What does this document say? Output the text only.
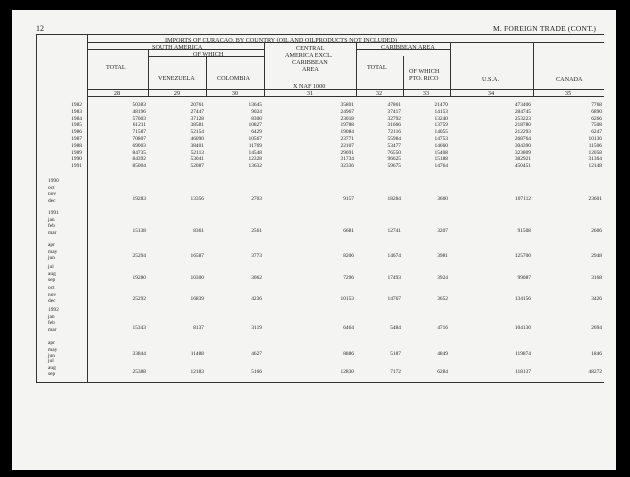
12	M. FOREIGN TRADE (CONT.)
IMPORTS OF CURACAO, BY COUNTRY (OIL AND OILPRODUCTS NOT INCLUDED)
SOUTH AMERICA
OF WHICH
TOTAL
VENEZUELA	COLOMBIA
CENTRAL
AMERICA EXCL.
CARIBBEAN
AREA
CARIBBEAN AREA
TOTAL
OF WHICH
PTO. RICO	U.S.A.	CANADA
X NAF 1000
28	29	30	31	32	33	34	35
1982	50383	20761	13645	35801	47861	21470	473406	7768
1983	48196	27447	9024	24967	37417	14153	284745	6890
1984	57003	37128	8300	23018	32792	13240	253223	6266
1985	61211	38581	10827	19788	31666	13759	218780	7508
1986	71587	52154	6429	19084	72116	14055	212293	6247
1987	70807	46090	10567	23771	55984	14753	268764	10136
1988	69003	38401	11769	22107	53477	14660	304390	11506
1989	84735	52113	14548	29691	76550	15408	323809	12058
1990	84392	53041	12328	31734	96625	15188	382921	31364
1991	85004	52087	13632	32336	59675	14764	450451	12148
1990
oct
nov
dec	19283	13356	2703	9157	18284	3600	107112	23601
1991
jan
feb
mar	15138	8361	2561	6681	12741	3207	91508	2606
apr
may
jun	25294	16587	3773	8206	14674	3981	125700	2948
jul
aug
sep	19280	10300	3062	7296	17493	3924	99087	3168
oct
nov
dec	25292	16839	4236	10153	14767	3652	134156	3426
1992
jan
feb
mar	15343	8137	3119	6464	5484	4716	104130	2694
apr
may
jun	33844	11488	4627	8886	5187	4849	119874	1846
jul
aug
sep	25388	12183	5166	12830	7172	6284	118137	48272
